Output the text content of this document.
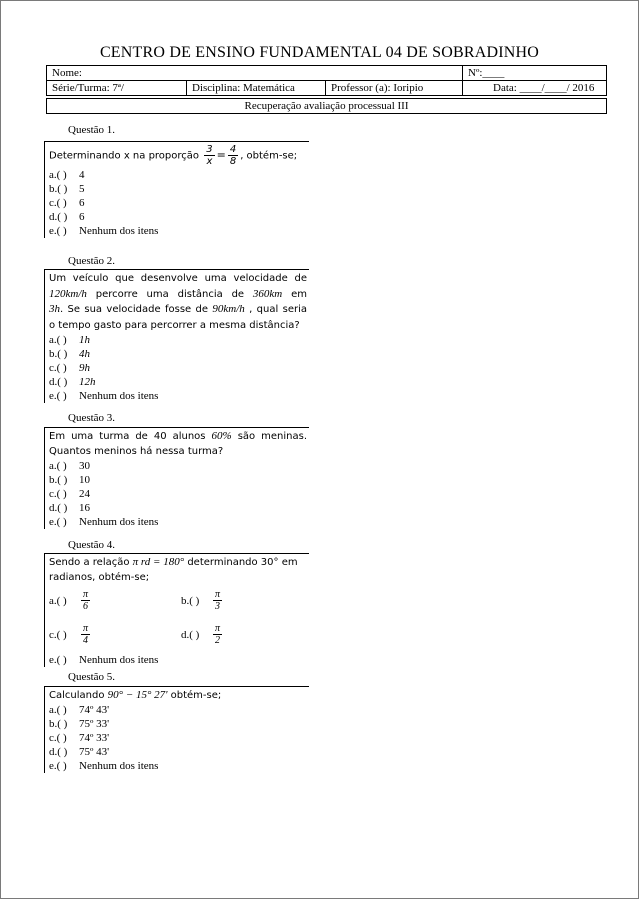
CENTRO DE ENSINO FUNDAMENTAL 04 DE SOBRADINHO
Nome:	Nº:____
Série/Turma: 7ª/	Disciplina: Matemática	Professor (a): Ioripio	Data: ____/____/ 2016
Recuperação avaliação processual III
Questão 1.
Determinando x na proporção $\frac{3}{x} = \frac{4}{8}$ , obtém-se;
a.( ) 4
b.( ) 5
c.( ) 6
d.( ) 6
e.( ) Nenhum dos itens
Questão 2.
Um veículo que desenvolve uma velocidade de
120km/h percorre uma distância de 360km em
3h. Se sua velocidade fosse de 90km/h , qual seria
o tempo gasto para percorrer a mesma distância?
a.( ) 1h
b.( ) 4h
c.( ) 9h
d.( ) 12h
e.( ) Nenhum dos itens
Questão 3.
Em uma turma de 40 alunos 60% são meninas.
Quantos meninos há nessa turma?
a.( ) 30
b.( ) 10
c.( ) 24
d.( ) 16
e.( ) Nenhum dos itens
Questão 4.
Sendo a relação π rd = 180° determinando 30° em
radianos, obtém-se;
a.( ) $\frac{\pi}{6}$	b.( ) $\frac{\pi}{3}$
c.( ) $\frac{\pi}{4}$	d.( ) $\frac{\pi}{2}$
e.( ) Nenhum dos itens
Questão 5.
Calculando 90° − 15° 27' obtém-se;
a.( ) 74º 43'
b.( ) 75º 33'
c.( ) 74º 33'
d.( ) 75º 43'
e.( ) Nenhum dos itens
